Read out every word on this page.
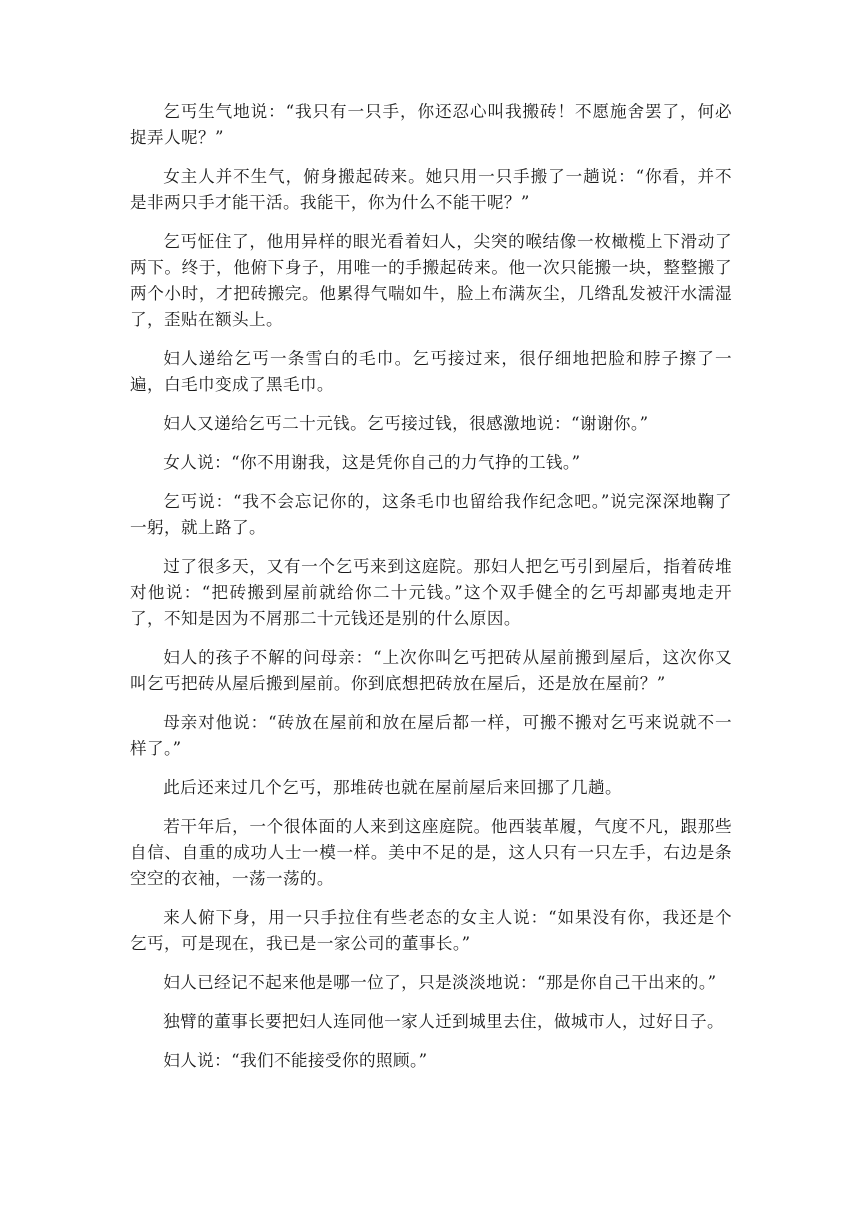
乞丐生气地说：“我只有一只手，你还忍心叫我搬砖！不愿施舍罢了，何必捉弄人呢？”

女主人并不生气，俯身搬起砖来。她只用一只手搬了一趟说：“你看，并不是非两只手才能干活。我能干，你为什么不能干呢？”

乞丐怔住了，他用异样的眼光看着妇人，尖突的喉结像一枚橄榄上下滑动了两下。终于，他俯下身子，用唯一的手搬起砖来。他一次只能搬一块，整整搬了两个小时，才把砖搬完。他累得气喘如牛，脸上布满灰尘，几绺乱发被汗水濡湿了，歪贴在额头上。

妇人递给乞丐一条雪白的毛巾。乞丐接过来，很仔细地把脸和脖子擦了一遍，白毛巾变成了黑毛巾。

妇人又递给乞丐二十元钱。乞丐接过钱，很感激地说：“谢谢你。”

女人说：“你不用谢我，这是凭你自己的力气挣的工钱。”

乞丐说：“我不会忘记你的，这条毛巾也留给我作纪念吧。”说完深深地鞠了一躬，就上路了。

过了很多天，又有一个乞丐来到这庭院。那妇人把乞丐引到屋后，指着砖堆对他说：“把砖搬到屋前就给你二十元钱。”这个双手健全的乞丐却鄙夷地走开了，不知是因为不屑那二十元钱还是别的什么原因。

妇人的孩子不解的问母亲：“上次你叫乞丐把砖从屋前搬到屋后，这次你又叫乞丐把砖从屋后搬到屋前。你到底想把砖放在屋后，还是放在屋前？”

母亲对他说：“砖放在屋前和放在屋后都一样，可搬不搬对乞丐来说就不一样了。”

此后还来过几个乞丐，那堆砖也就在屋前屋后来回挪了几趟。

若干年后，一个很体面的人来到这座庭院。他西装革履，气度不凡，跟那些自信、自重的成功人士一模一样。美中不足的是，这人只有一只左手，右边是条空空的衣袖，一荡一荡的。

来人俯下身，用一只手拉住有些老态的女主人说：“如果没有你，我还是个乞丐，可是现在，我已是一家公司的董事长。”

妇人已经记不起来他是哪一位了，只是淡淡地说：“那是你自己干出来的。”

独臂的董事长要把妇人连同他一家人迁到城里去住，做城市人，过好日子。

妇人说：“我们不能接受你的照顾。”
